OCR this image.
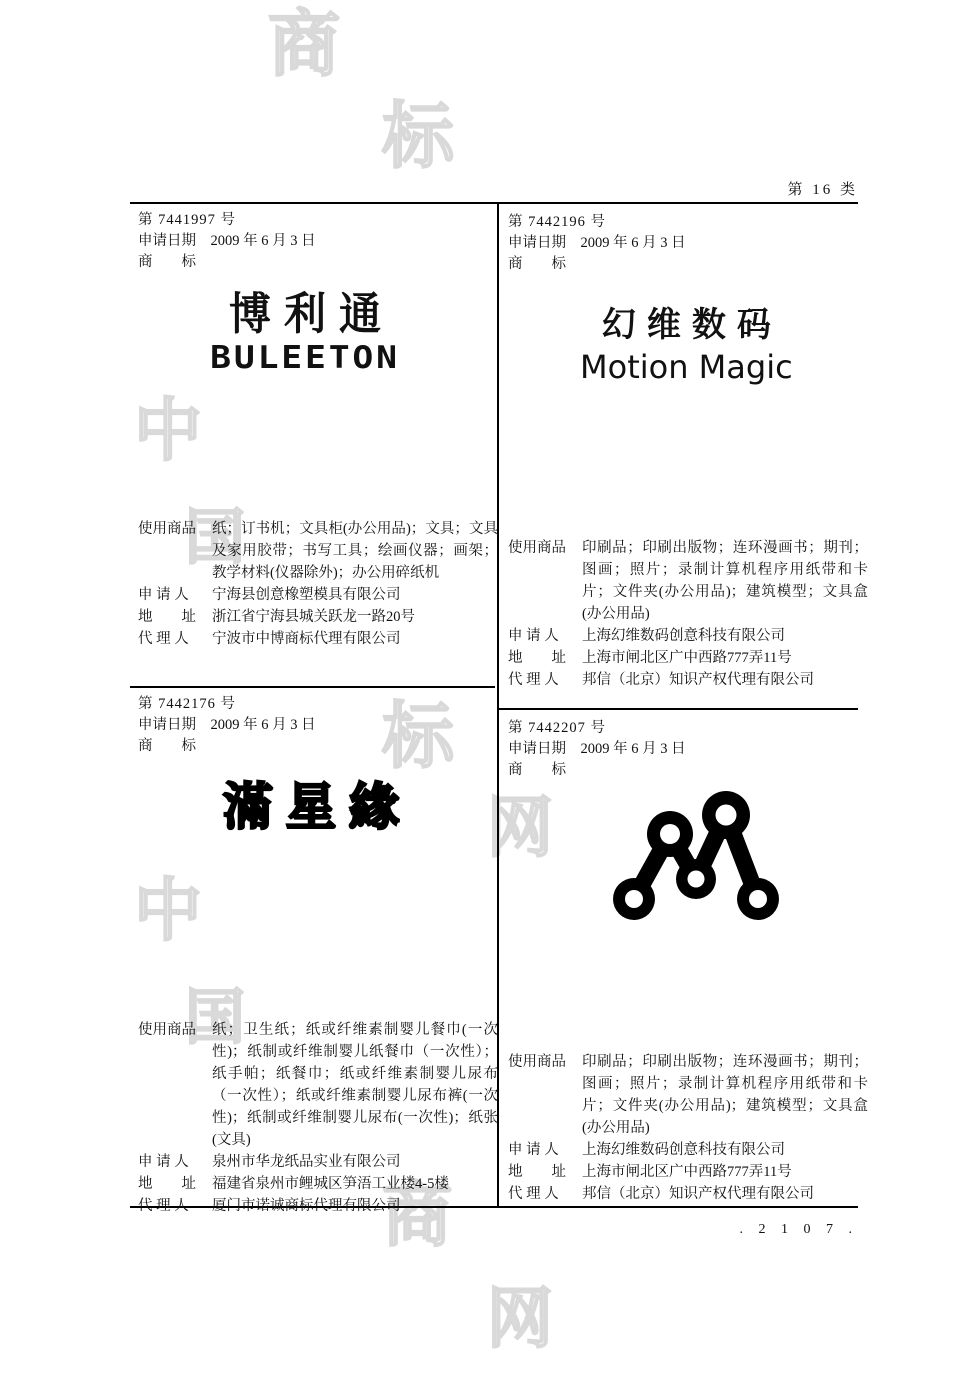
商
标
中
国
标
网
中
国
商
网
第 16 类
第 7441997 号
申请日期　2009 年 6 月 3 日
商　　标
博利通
BULEETON
使用商品	纸；订书机；文具柜(办公用品)；文具；文具及家用胶带；书写工具；绘画仪器；画架；教学材料(仪器除外)；办公用碎纸机
申 请 人	宁海县创意橡塑模具有限公司
地　　址	浙江省宁海县城关跃龙一路20号
代 理 人	宁波市中博商标代理有限公司
第 7442196 号
申请日期　2009 年 6 月 3 日
商　　标
幻维数码
Motion Magic
使用商品	印刷品；印刷出版物；连环漫画书；期刊；图画；照片；录制计算机程序用纸带和卡片；文件夹(办公用品)；建筑模型；文具盒(办公用品)
申 请 人	上海幻维数码创意科技有限公司
地　　址	上海市闸北区广中西路777弄11号
代 理 人	邦信（北京）知识产权代理有限公司
第 7442176 号
申请日期　2009 年 6 月 3 日
商　　标
滿星緣
使用商品	纸；卫生纸；纸或纤维素制婴儿餐巾(一次性)；纸制或纤维制婴儿纸餐巾（一次性）；纸手帕；纸餐巾；纸或纤维素制婴儿尿布（一次性）；纸或纤维素制婴儿尿布裤(一次性)；纸制或纤维制婴儿尿布(一次性)；纸张(文具)
申 请 人	泉州市华龙纸品实业有限公司
地　　址	福建省泉州市鲤城区笋浯工业楼4-5楼
代 理 人	厦门市诺诚商标代理有限公司
第 7442207 号
申请日期　2009 年 6 月 3 日
商　　标
使用商品	印刷品；印刷出版物；连环漫画书；期刊；图画；照片；录制计算机程序用纸带和卡片；文件夹(办公用品)；建筑模型；文具盒(办公用品)
申 请 人	上海幻维数码创意科技有限公司
地　　址	上海市闸北区广中西路777弄11号
代 理 人	邦信（北京）知识产权代理有限公司
. 2 1 0 7 .
